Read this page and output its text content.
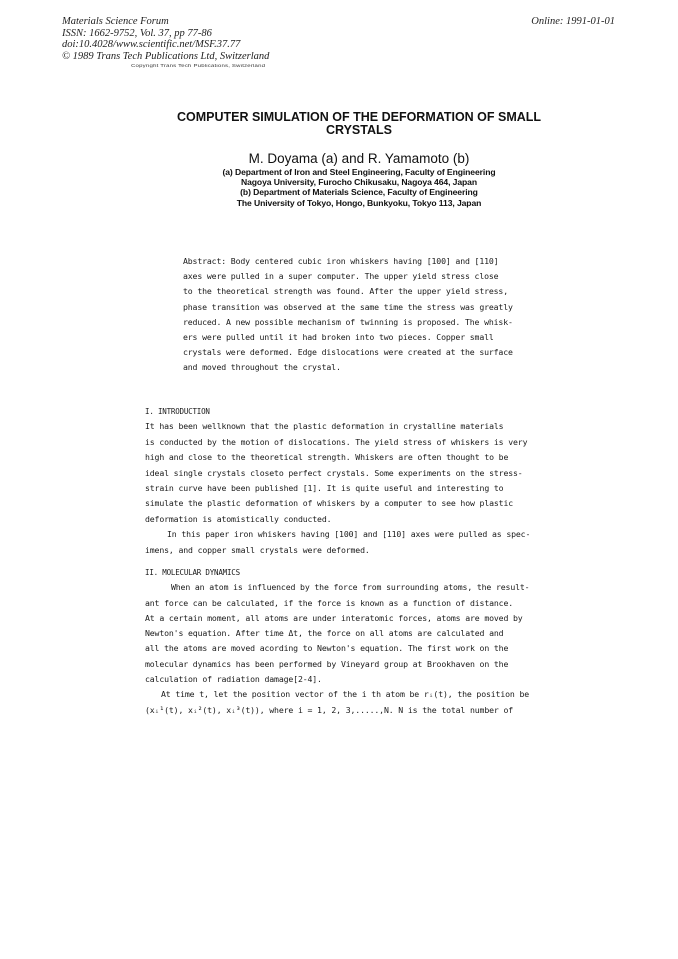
Materials Science Forum
ISSN: 1662-9752, Vol. 37, pp 77-86
doi:10.4028/www.scientific.net/MSF.37.77
© 1989 Trans Tech Publications Ltd, Switzerland
Online: 1991-01-01
Copyright Trans Tech Publications, Switzerland
COMPUTER SIMULATION OF THE DEFORMATION OF SMALL CRYSTALS
M. Doyama (a) and R. Yamamoto (b)
(a) Department of Iron and Steel Engineering, Faculty of Engineering
Nagoya University, Furocho Chikusaku, Nagoya 464, Japan
(b) Department of Materials Science, Faculty of Engineering
The University of Tokyo, Hongo, Bunkyoku, Tokyo 113, Japan
Abstract: Body centered cubic iron whiskers having [100] and [110]
axes were pulled in a super computer. The upper yield stress close
to the theoretical strength was found. After the upper yield stress,
phase transition was observed at the same time the stress was greatly
reduced. A new possible mechanism of twinning is proposed. The whisk-
ers were pulled until it had broken into two pieces. Copper small
crystals were deformed. Edge dislocations were created at the surface
and moved throughout the crystal.
I. INTRODUCTION
It has been wellknown that the plastic deformation in crystalline materials
is conducted by the motion of dislocations. The yield stress of whiskers is very
high and close to the theoretical strength. Whiskers are often thought to be
ideal single crystals closeto perfect crystals. Some experiments on the stress-
strain curve have been published [1]. It is quite useful and interesting to
simulate the plastic deformation of whiskers by a computer to see how plastic
deformation is atomistically conducted.
In this paper iron whiskers having [100] and [110] axes were pulled as spec-
imens, and copper small crystals were deformed.
II. MOLECULAR DYNAMICS
When an atom is influenced by the force from surrounding atoms, the result-
ant force can be calculated, if the force is known as a function of distance.
At a certain moment, all atoms are under interatomic forces, atoms are moved by
Newton's equation. After time Δt, the force on all atoms are calculated and
all the atoms are moved acording to Newton's equation. The first work on the
molecular dynamics has been performed by Vineyard group at Brookhaven on the
calculation of radiation damage[2-4].
At time t, let the position vector of the i th atom be rᵢ(t), the position be
(xᵢ¹(t), xᵢ²(t), xᵢ³(t)), where i = 1, 2, 3,.....,N. N is the total number of
